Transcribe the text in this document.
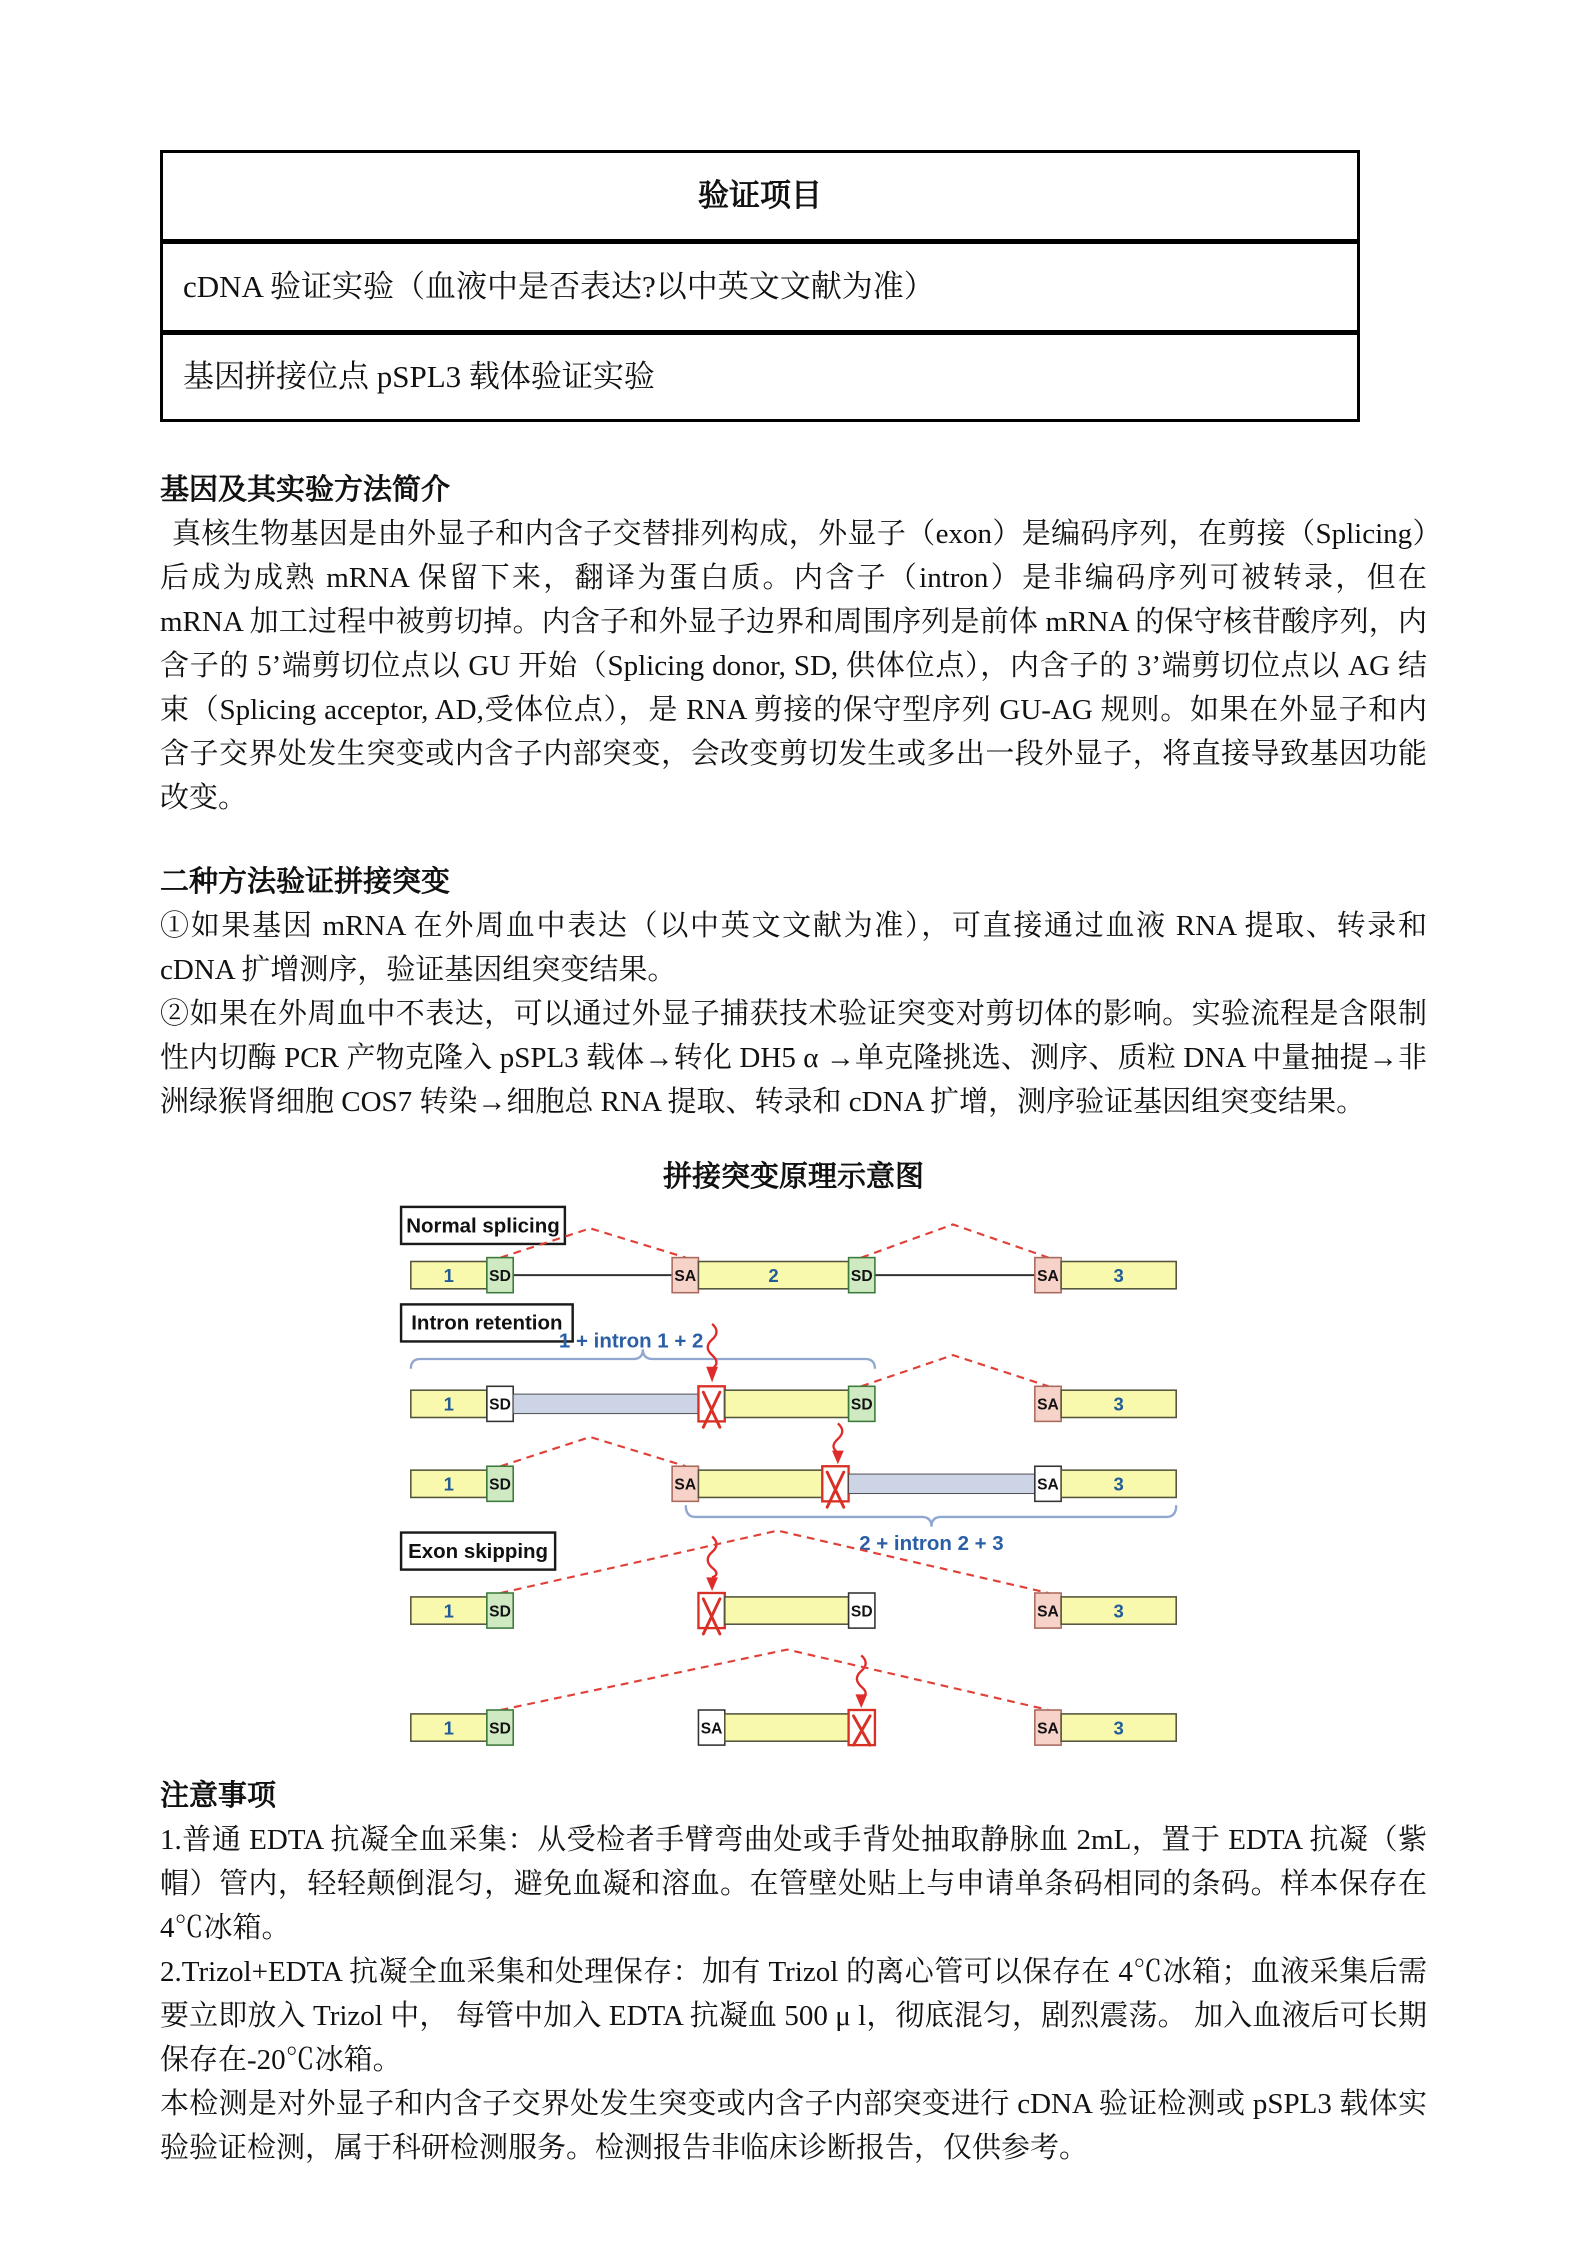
验证项目
cDNA 验证实验（血液中是否表达?以中英文文献为准）
基因拼接位点 pSPL3 载体验证实验
基因及其实验方法简介

真核生物基因是由外显子和内含子交替排列构成，外显子（exon）是编码序列，在剪接（Splicing）后成为成熟 mRNA 保留下来，翻译为蛋白质。内含子（intron）是非编码序列可被转录，但在 mRNA 加工过程中被剪切掉。内含子和外显子边界和周围序列是前体 mRNA 的保守核苷酸序列，内含子的 5’端剪切位点以 GU 开始（Splicing donor, SD, 供体位点），内含子的 3’端剪切位点以 AG 结束（Splicing acceptor, AD,受体位点），是 RNA 剪接的保守型序列 GU-AG 规则。如果在外显子和内含子交界处发生突变或内含子内部突变，会改变剪切发生或多出一段外显子，将直接导致基因功能改变。

二种方法验证拼接突变

①如果基因 mRNA 在外周血中表达（以中英文文献为准），可直接通过血液 RNA 提取、转录和 cDNA 扩增测序，验证基因组突变结果。

②如果在外周血中不表达，可以通过外显子捕获技术验证突变对剪切体的影响。实验流程是含限制性内切酶 PCR 产物克隆入 pSPL3 载体→转化 DH5 α →单克隆挑选、测序、质粒 DNA 中量抽提→非洲绿猴肾细胞 COS7 转染→细胞总 RNA 提取、转录和 cDNA 扩增，测序验证基因组突变结果。

拼接突变原理示意图
Normal splicing
1 SD	SA	2	SD	SA	3
Intron retention
1 + intron 1 + 2
1 SD	SD	SA	3
1 SD	SA	SA	3
2 + intron 2 + 3
Exon skipping
1 SD	SD	SA	3
1 SD	SA	SA	3
注意事项

1.普通 EDTA 抗凝全血采集：从受检者手臂弯曲处或手背处抽取静脉血 2mL，置于 EDTA 抗凝（紫帽）管内，轻轻颠倒混匀，避免血凝和溶血。在管壁处贴上与申请单条码相同的条码。样本保存在 4℃冰箱。

2.Trizol+EDTA 抗凝全血采集和处理保存：加有 Trizol 的离心管可以保存在 4℃冰箱；血液采集后需要立即放入 Trizol 中， 每管中加入 EDTA 抗凝血 500 μ l，彻底混匀，剧烈震荡。 加入血液后可长期保存在-20℃冰箱。

本检测是对外显子和内含子交界处发生突变或内含子内部突变进行 cDNA 验证检测或 pSPL3 载体实验验证检测，属于科研检测服务。检测报告非临床诊断报告，仅供参考。
